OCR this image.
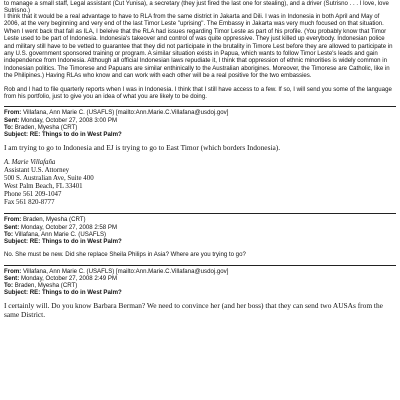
to manage a small staff, Legal assistant (Cut Yunisa), a secretary (they just fired the last one for stealing), and a driver (Sutrisno . . . I love, love Sutrisno.)

I think that it would be a real advantage to have to RLA from the same district in Jakarta and Dili. I was in Indonesia in both April and May of 2006, at the very beginning and very end of the last Timor Leste "uprising". The Embassy in Jakarta was very much focused on that situation. When I went back that fall as ILA, I beleive that the RLA had issues regarding Timor Leste as part of his profile. (You probably know that Timor Leste used to be part of Indonesia. Indonesia's takeover and control of was quite oppressive. They just killed up everybody. Indonesian police and military still have to be vetted to guarantee that they did not participate in the brutality in Timore Lest before they are allowed to participate in any U.S. government sponsored training or program. A similar situation exists in Papua, which wants to follow Timor Leste's leads and gain independence from Indonesia. Although all official Indonesian laws repudiate it, I think that oppression of ethnic minorities is widely common in Indonesian politics. The Timorese and Papuans are similar enthinically to the Australian aborigines. Moreover, the Timorese are Catholic, like in the Philipines.) Having RLAs who know and can work with each other will be a real positive for the two embassies.

Rob and I had to file quarterly reports when I was in Indonesia. I think that I still have access to a few. If so, I will send you some of the language from his portfolio, just to give you an idea of what you are likely to be doing.

From: Villafana, Ann Marie C. (USAFLS) [mailto:Ann.Marie.C.Villafana@usdoj.gov]
Sent: Monday, October 27, 2008 3:00 PM
To: Braden, Myesha (CRT)
Subject: RE: Things to do in West Palm?

I am trying to go to Indonesia and EJ is trying to go to East Timor (which borders Indonesia).

A. Marie Villafaña
Assistant U.S. Attorney
500 S. Australian Ave, Suite 400
West Palm Beach, FL 33401
Phone 561 209-1047
Fax 561 820-8777
From: Braden, Myesha (CRT)
Sent: Monday, October 27, 2008 2:58 PM
To: Villafana, Ann Marie C. (USAFLS)
Subject: RE: Things to do in West Palm?

No. She must be new. Did she replace Sheila Philips in Asia? Where are you trying to go?

From: Villafana, Ann Marie C. (USAFLS) [mailto:Ann.Marie.C.Villafana@usdoj.gov]
Sent: Monday, October 27, 2008 2:49 PM
To: Braden, Myesha (CRT)
Subject: RE: Things to do in West Palm?

I certainly will. Do you know Barbara Berman? We need to convince her (and her boss) that they can send two AUSAs from the same District.
